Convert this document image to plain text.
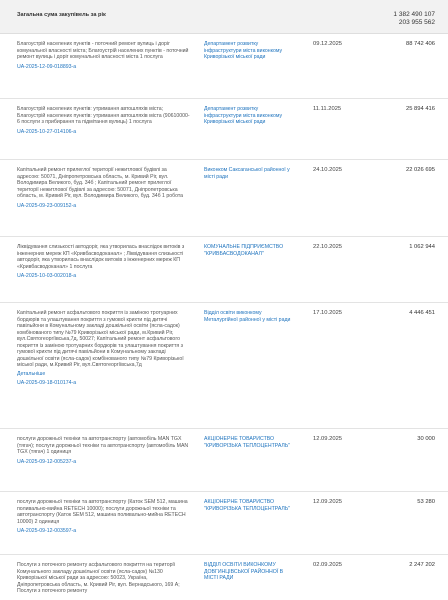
Загальна сума закупівель за рік	1 382 490 107
203 955 562
Благоустрій населених пунктів - поточний ремонт вулиць і доріг комунальної власності міста; Благоустрій населених пунктів - поточний ремонт вулиць і доріг комунальної власності міста 1 послуга
UA-2025-12-09-018893-a
Департамент розвитку інфраструктури міста виконкому Криворізької міської ради
09.12.2025	88 742 406
Благоустрій населених пунктів: утримання автошляхів міста; Благоустрій населених пунктів: утримання автошляхів міста (90610000-6 послуги з прибирання та підмітання вулиць) 1 послуга
UA-2025-10-27-014106-a
Департамент розвитку інфраструктури міста виконкому Криворізької міської ради
11.11.2025	25 894 416
Капітальний ремонт прилеглої території нежитлової будівлі за адресою: 50071, Дніпропетровська область, м. Кривий Ріг, вул. Володимира Великого, буд. 34б ; Капітальний ремонт прилеглої території нежитлової будівлі за адресою: 50071, Дніпропетровська область, м. Кривий Ріг, вул. Володимира Великого, буд. 34б 1 робота
UA-2025-09-23-009152-a
Виконком Саксаганської районної у місті ради
24.10.2025	22 026 695
Ліквідування слизькості автодоріг, яка утворилась внаслідок витоків з інженерних мереж КП «Кривбасводоканал» ; Ліквідування слизькості автодоріг, яка утворилась внаслідок витоків з інженерних мереж КП «Кривбасводоканал» 1 послуга
UA-2025-10-03-002018-a
КОМУНАЛЬНЕ ПІДПРИЄМСТВО "КРИВБАСВОДОКАНАЛ"
22.10.2025	1 062 944
Капітальний ремонт асфальтового покриття із заміною тротуарних бордюрів та улаштування покриття з гумової крихти під дитячі павільйони в Комунальному закладі дошкільної освіти (ясла-садок) комбінованого типу №79 Криворізької міської ради, м.Кривий Ріг, вул.Святогеоргіївська,7д, 50027; Капітальний ремонт асфальтового покриття із заміною тротуарних бордюрів та улаштування покриття з гумової крихти під дитячі павільйони в Комунальному закладі дошкільної освіти (ясла-садок) комбінованого типу №79 Криворізької міської ради, м.Кривий Ріг, вул.Святогеоргіївська,7д
Детальніше
UA-2025-09-18-010174-a
Відділ освіти виконкому Металургійної районної у місті ради
17.10.2025	4 446 451
послуги дорожньої техніки та автотранспорту (автомобіль MAN TGX (тягач); послуги дорожньої техніки та автотранспорту (автомобіль MAN TGX (тягач) 1 одиниця
UA-2025-09-12-005237-a
АКЦІОНЕРНЕ ТОВАРИСТВО "КРИВОРІЗЬКА ТЕПЛОЦЕНТРАЛЬ"
12.09.2025	30 000
послуги дорожньої техніки та автотранспорту (Каток SEM 512, машина поливально-мийна RETECH 10000); послуги дорожньої техніки та автотранспорту (Каток SEM 512, машина поливально-мийна RETECH 10000) 2 одиниця
UA-2025-09-12-003597-a
АКЦІОНЕРНЕ ТОВАРИСТВО "КРИВОРІЗЬКА ТЕПЛОЦЕНТРАЛЬ"
12.09.2025	53 280
Послуги з поточного ремонту асфальтового покриття на території Комунального закладу дошкільної освіти (ясла-садок) №130 Криворізької міської ради за адресою: 50023, Україна, Дніпропетровська область, м. Кривий Ріг, вул. Вернадського, 169 А; Послуги з поточного ремонту
ВІДДІЛ ОСВІТИ ВИКОНКОМУ ДОВГИНЦІВСЬКОЇ РАЙОННОЇ В МІСТІ РАДИ
02.09.2025	2 247 202
